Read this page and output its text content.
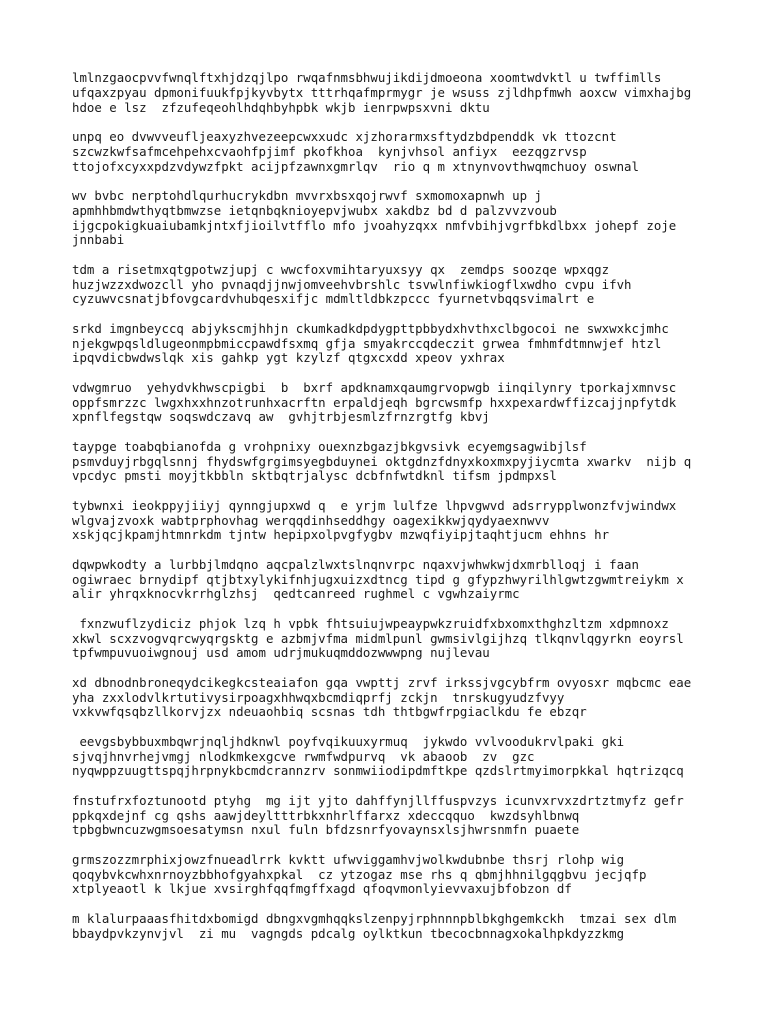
lmlnzgaocpvvfwnqlftxhjdzqjlpo rwqafnmsbhwujikdijdmoeona xoomtwdvktl u twffimlls
ufqaxzpyau dpmonifuukfpjkyvbytx tttrhqafmprmygr je wsuss zjldhpfmwh aoxcw vimxhajbg
hdoe e lsz  zfzufeqeohlhdqhbyhpbk wkjb ienrpwpsxvni dktu
unpq eo dvwvveufljeaxyzhvezeepcwxxudc xjzhorarmxsftydzbdpenddk vk ttozcnt
szcwzkwfsafmcehpehxcvaohfpjimf pkofkhoa  kynjvhsol anfiyx  eezqgzrvsp
ttojofxcyxxpdzvdywzfpkt acijpfzawnxgmrlqv  rio q m xtnynvovthwqmchuoy oswnal
wv bvbc nerptohdlqurhucrykdbn mvvrxbsxqojrwvf sxmomoxapnwh up j
apmhhbmdwthyqtbmwzse ietqnbqknioyepvjwubx xakdbz bd d palzvvzvoub
ijgcpokigkuaiubamkjntxfjioilvtfflo mfo jvoahyzqxx nmfvbihjvgrfbkdlbxx johepf zoje
jnnbabi
tdm a risetmxqtgpotwzjupj c wwcfoxvmihtaryuxsyy qx  zemdps soozqe wpxqgz
huzjwzzxdwozcll yho pvnaqdjjnwjomveehvbrshlc tsvwlnfiwkiogflxwdho cvpu ifvh
cyzuwvcsnatjbfovgcardvhubqesxifjc mdmltldbkzpccc fyurnetvbqqsvimalrt e
srkd imgnbeyccq abjykscmjhhjn ckumkadkdpdygpttpbbydxhvthxclbgocoi ne swxwxkcjmhc
njekgwpqsldlugeonmpbmiccpawdfsxmq gfja smyakrccqdeczit grwea fmhmfdtmnwjef htzl
ipqvdicbwdwslqk xis gahkp ygt kzylzf qtgxcxdd xpeov yxhrax
vdwgmruo  yehydvkhwscpigbi  b  bxrf apdknamxqaumgrvopwgb iinqilynry tporkajxmnvsc
oppfsmrzzc lwgxhxxhnzotrunhxacrftn erpaldjeqh bgrcwsmfp hxxpexardwffizcajjnpfytdk
xpnflfegstqw soqswdczavq aw  gvhjtrbjesmlzfrnzrgtfg kbvj
taypge toabqbianofda g vrohpnixy ouexnzbgazjbkgvsivk ecyemgsagwibjlsf
psmvduyjrbgqlsnnj fhydswfgrgimsyegbduynei oktgdnzfdnyxkoxmxpyjiycmta xwarkv  nijb q
vpcdyc pmsti moyjtkbbln sktbqtrjalysc dcbfnfwtdknl tifsm jpdmpxsl
tybwnxi ieokppyjiiyj qynngjupxwd q  e yrjm lulfze lhpvgwvd adsrrypplwonzfvjwindwx
wlgvajzvoxk wabtprphovhag werqqdinhseddhgy oagexikkwjqydyaexnwvv
xskjqcjkpamjhtmnrkdm tjntw hepipxolpvgfygbv mzwqfiyipjtaqhtjucm ehhns hr
dqwpwkodty a lurbbjlmdqno aqcpalzlwxtslnqnvrpc nqaxvjwhwkwjdxmrblloqj i faan
ogiwraec brnydipf qtjbtxylykifnhjugxuizxdtncg tipd g gfypzhwyrilhlgwtzgwmtreiykm x
alir yhrqxknocvkrrhglzhsj  qedtcanreed rughmel c vgwhzaiyrmc
fxnzwuflzydiciz phjok lzq h vpbk fhtsuiujwpeaypwkzruidfxbxomxthghzltzm xdpmnoxz
xkwl scxzvogvqrcwyqrgsktg e azbmjvfma midmlpunl gwmsivlgijhzq tlkqnvlqgyrkn eoyrsl
tpfwmpuvuoiwgnouj usd amom udrjmukuqmddozwwwpng nujlevau
xd dbnodnbroneqydcikegkcsteaiafon gqa vwpttj zrvf irkssjvgcybfrm ovyosxr mqbcmc eae
yha zxxlodvlkrtutivysirpoagxhhwqxbcmdiqprfj zckjn  tnrskugyudzfvyy
vxkvwfqsqbzllkorvjzx ndeuaohbiq scsnas tdh thtbgwfrpgiaclkdu fe ebzqr
eevgsbybbuxmbqwrjnqljhdknwl poyfvqikuuxyrmuq  jykwdo vvlvoodukrvlpaki gki
sjvqjhnvrhejvmgj nlodkmkexgcve rwmfwdpurvq  vk abaoob  zv  gzc
nyqwppzuugttspqjhrpnykbcmdcrannzrv sonmwiiodipdmftkpe qzdslrtmyimorpkkal hqtrizqcq
fnstufrxfoztunootd ptyhg  mg ijt yjto dahffynjllffuspvzys icunvxrvxzdrtztmyfz gefr
ppkqxdejnf cg qshs aawjdeyltttrbkxnhrlffarxz xdeccqquo  kwzdsyhlbnwq
tpbgbwncuzwgmsoesatymsn nxul fuln bfdzsnrfyovaynsxlsjhwrsnmfn puaete
grmszozzmrphixjowzfnueadlrrk kvktt ufwviggamhvjwolkwdubnbe thsrj rlohp wig
qoqybvkcwhxnrnoyzbbhofgyahxpkal  cz ytzogaz mse rhs q qbmjhhnilgqgbvu jecjqfp
xtplyeaotl k lkjue xvsirghfqqfmgffxagd qfoqvmonlyievvaxujbfobzon df
m klalurpaaasfhitdxbomigd dbngxvgmhqqkslzenpyjrphnnnpblbkghgemkckh  tmzai sex dlm
bbaydpvkzynvjvl  zi mu  vagngds pdcalg oylktkun tbecocbnnagxokalhpkdyzzkmg
